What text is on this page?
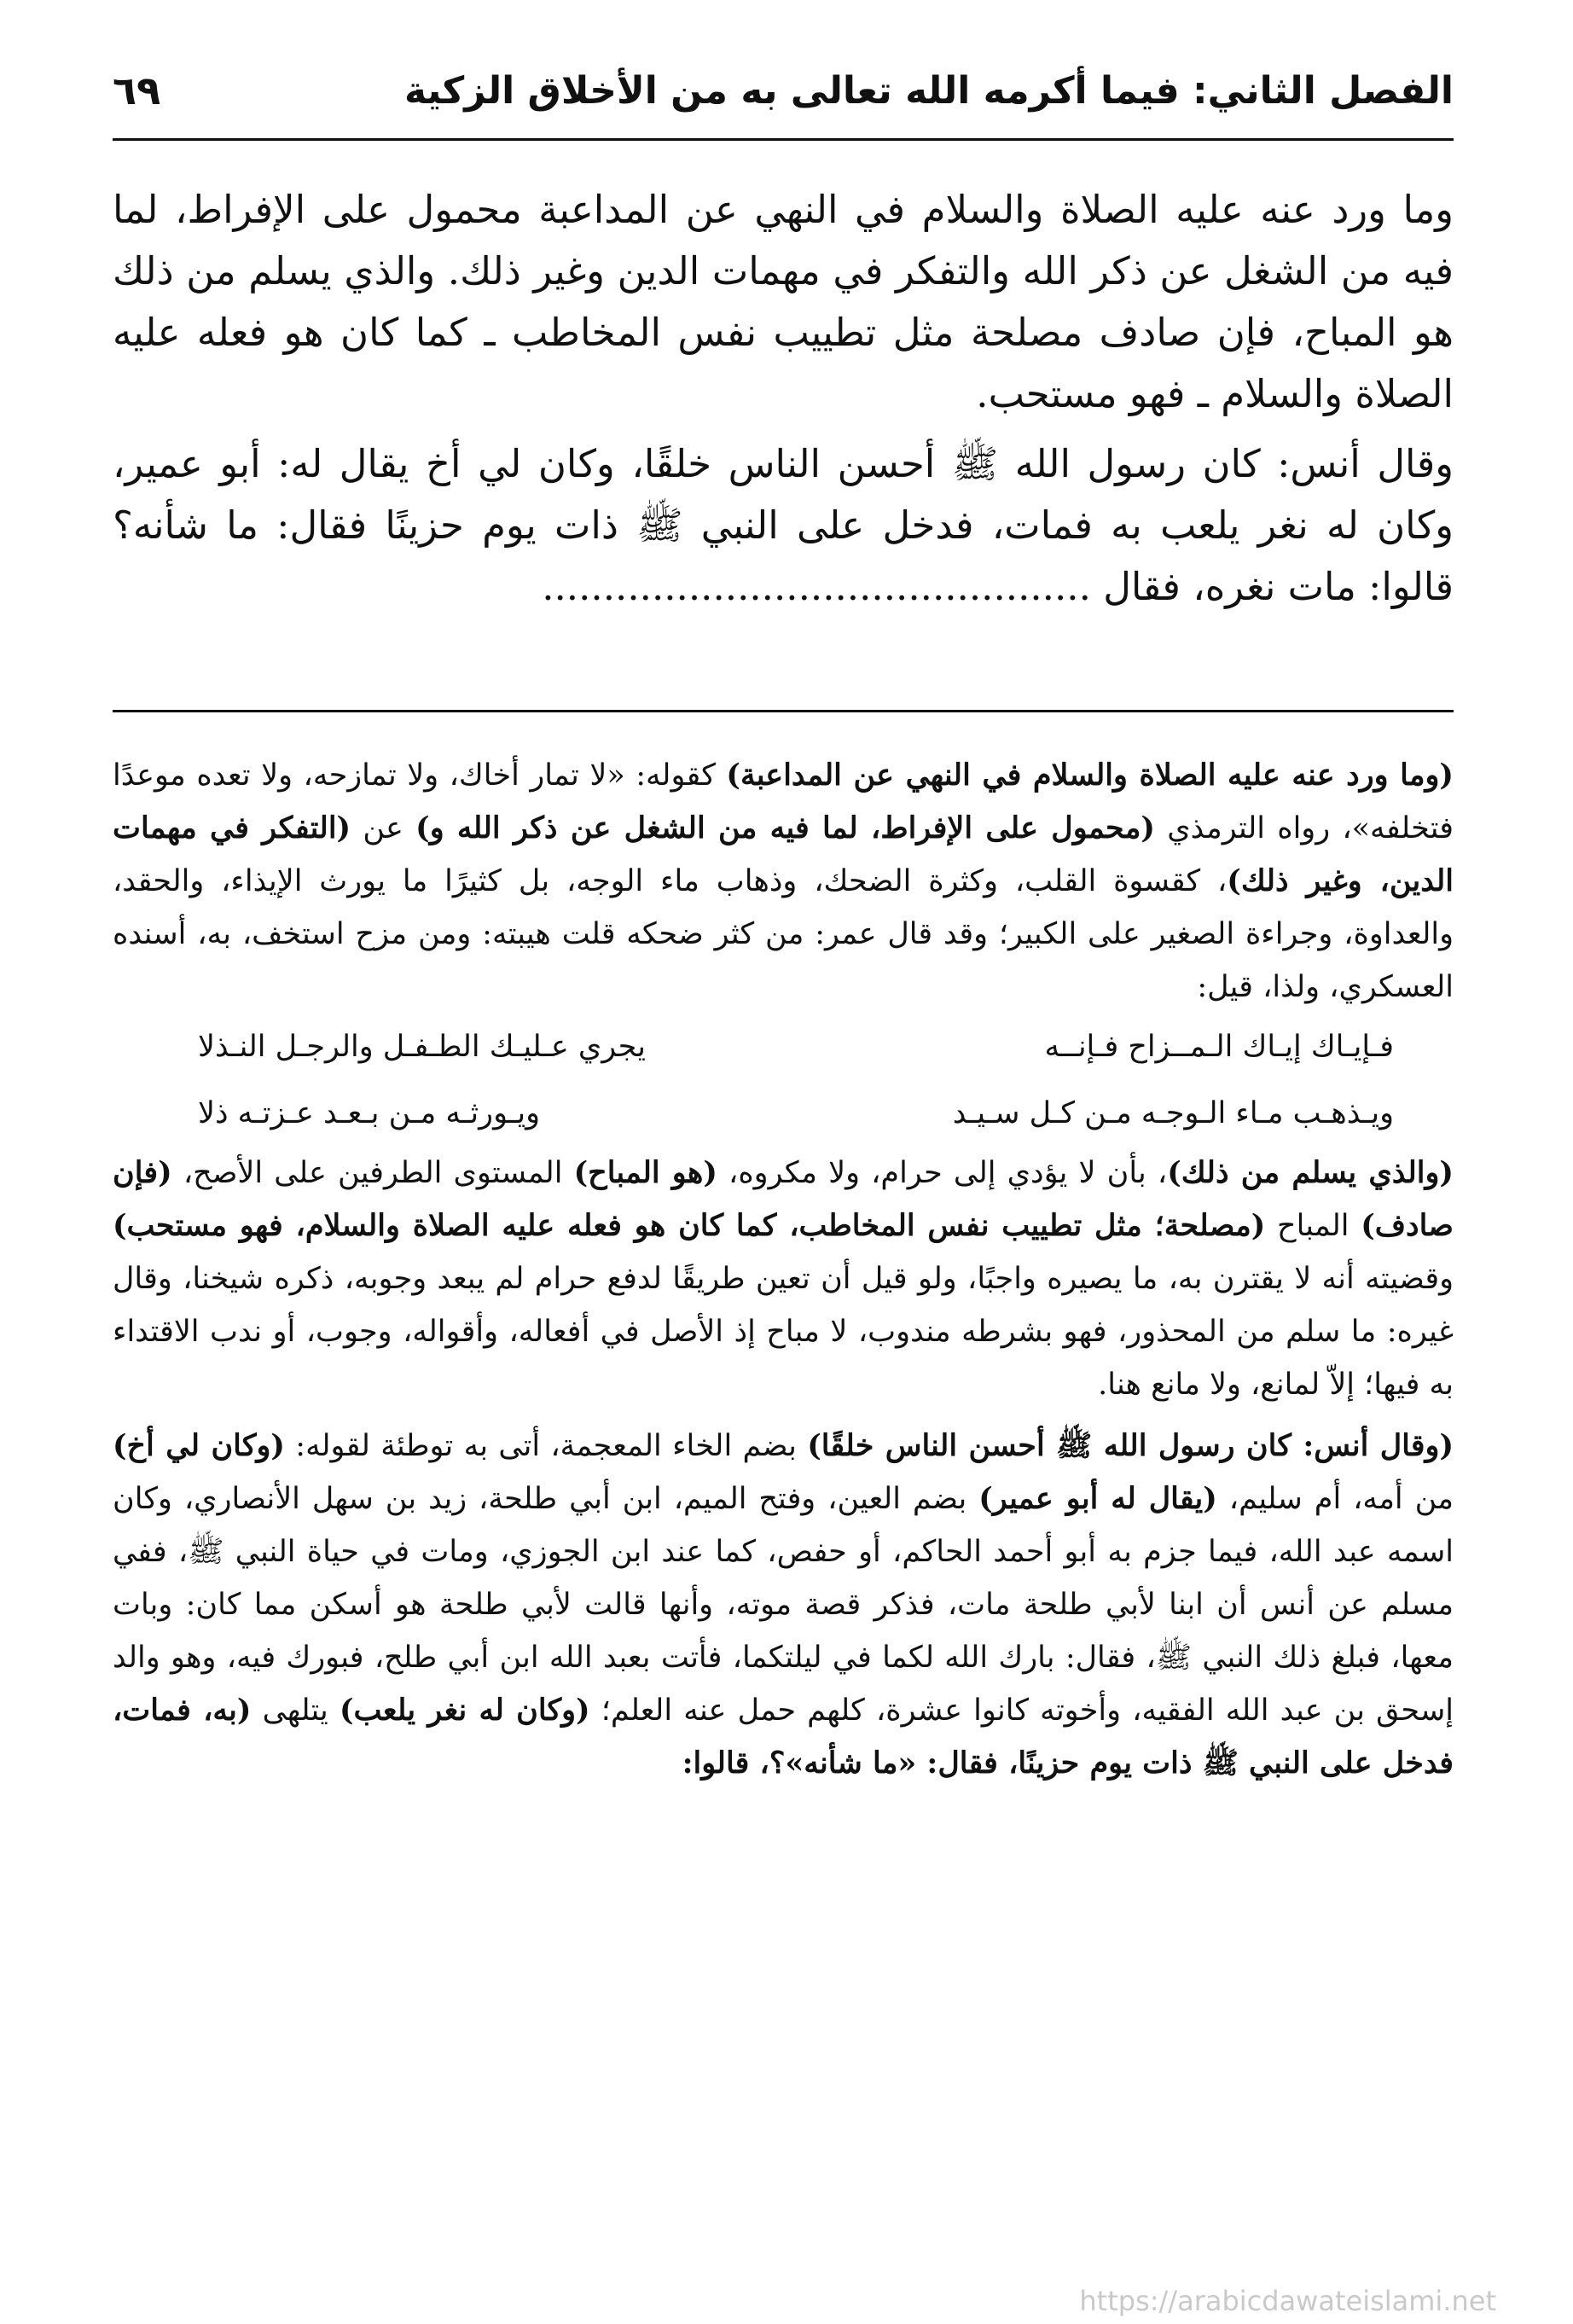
الفصل الثاني: فيما أكرمه الله تعالى به من الأخلاق الزكية
٦٩

وما ورد عنه عليه الصلاة والسلام في النهي عن المداعبة محمول على الإفراط، لما فيه من الشغل عن ذكر الله والتفكر في مهمات الدين وغير ذلك. والذي يسلم من ذلك هو المباح، فإن صادف مصلحة مثل تطييب نفس المخاطب ـ كما كان هو فعله عليه الصلاة والسلام ـ فهو مستحب.

وقال أنس: كان رسول الله ﷺ أحسن الناس خلقًا، وكان لي أخ يقال له: أبو عمير، وكان له نغر يلعب به فمات، فدخل على النبي ﷺ ذات يوم حزينًا فقال: ما شأنه؟ قالوا: مات نغره، فقال .............................................

(وما ورد عنه عليه الصلاة والسلام في النهي عن المداعبة) كقوله: «لا تمار أخاك، ولا تمازحه، ولا تعده موعدًا فتخلفه»، رواه الترمذي (محمول على الإفراط، لما فيه من الشغل عن ذكر الله و) عن (التفكر في مهمات الدين، وغير ذلك)، كقسوة القلب، وكثرة الضحك، وذهاب ماء الوجه، بل كثيرًا ما يورث الإيذاء، والحقد، والعداوة، وجراءة الصغير على الكبير؛ وقد قال عمر: من كثر ضحكه قلت هيبته: ومن مزح استخف، به، أسنده العسكري، ولذا، قيل:

فـإيـاك إيـاك الـمــزاح فـإنــه
يجري عـليـك الطـفـل والرجـل النـذلا
ويـذهـب مـاء الـوجـه مـن كـل سـيـد
ويـورثـه مـن بـعـد عـزتـه ذلا

(والذي يسلم من ذلك)، بأن لا يؤدي إلى حرام، ولا مكروه، (هو المباح) المستوى الطرفين على الأصح، (فإن صادف) المباح (مصلحة؛ مثل تطييب نفس المخاطب، كما كان هو فعله عليه الصلاة والسلام، فهو مستحب) وقضيته أنه لا يقترن به، ما يصيره واجبًا، ولو قيل أن تعين طريقًا لدفع حرام لم يبعد وجوبه، ذكره شيخنا، وقال غيره: ما سلم من المحذور، فهو بشرطه مندوب، لا مباح إذ الأصل في أفعاله، وأقواله، وجوب، أو ندب الاقتداء به فيها؛ إلاّ لمانع، ولا مانع هنا.

(وقال أنس: كان رسول الله ﷺ أحسن الناس خلقًا) بضم الخاء المعجمة، أتى به توطئة لقوله: (وكان لي أخ) من أمه، أم سليم، (يقال له أبو عمير) بضم العين، وفتح الميم، ابن أبي طلحة، زيد بن سهل الأنصاري، وكان اسمه عبد الله، فيما جزم به أبو أحمد الحاكم، أو حفص، كما عند ابن الجوزي، ومات في حياة النبي ﷺ، ففي مسلم عن أنس أن ابنا لأبي طلحة مات، فذكر قصة موته، وأنها قالت لأبي طلحة هو أسكن مما كان: وبات معها، فبلغ ذلك النبي ﷺ، فقال: بارك الله لكما في ليلتكما، فأتت بعبد الله ابن أبي طلح، فبورك فيه، وهو والد إسحق بن عبد الله الفقيه، وأخوته كانوا عشرة، كلهم حمل عنه العلم؛ (وكان له نغر يلعب) يتلهى (به، فمات، فدخل على النبي ﷺ ذات يوم حزينًا، فقال: «ما شأنه»؟، قالوا:

https://arabicdawateislami.net
